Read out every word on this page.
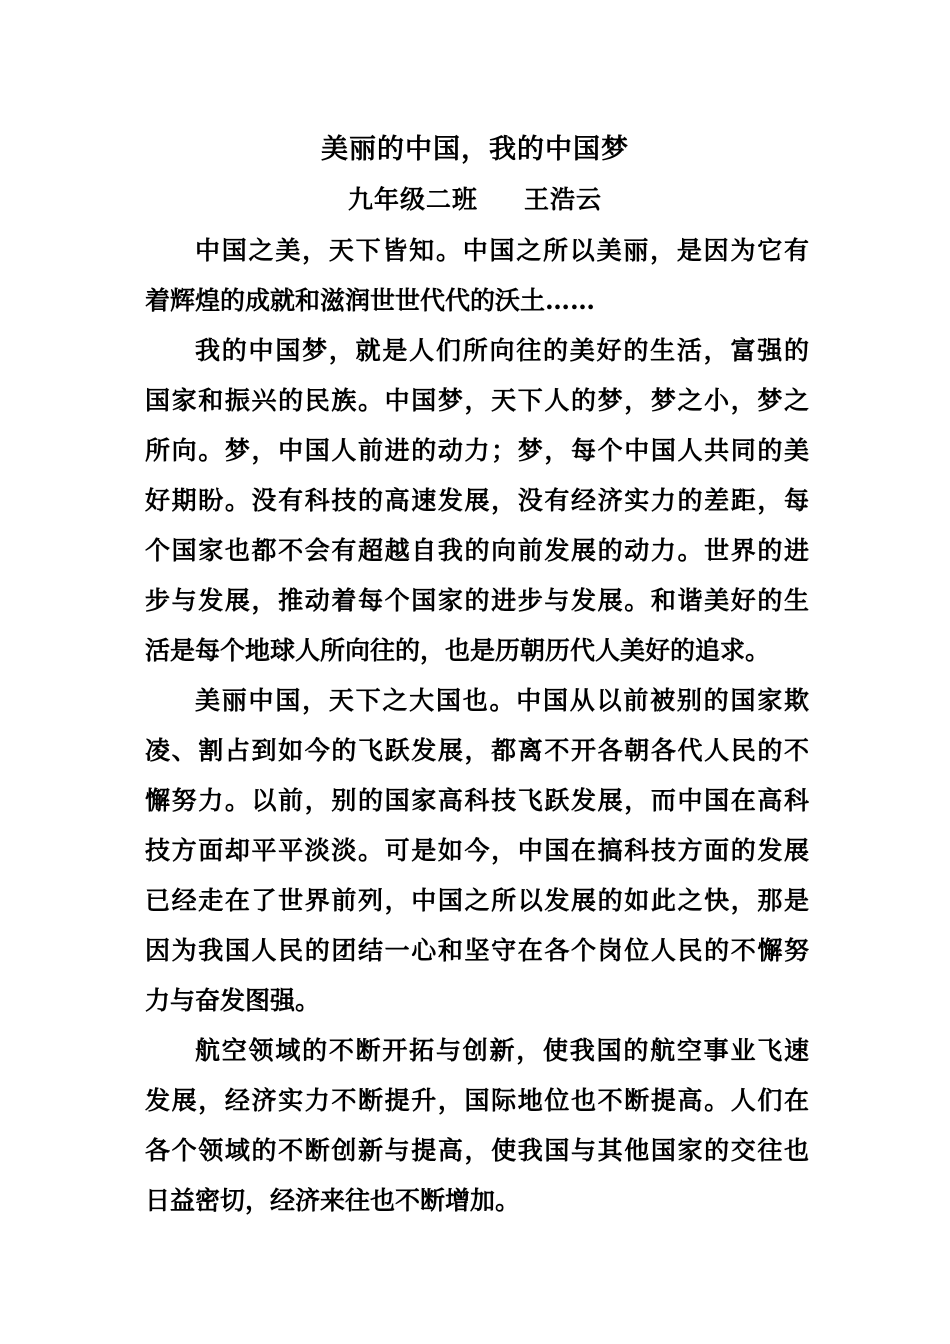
美丽的中国，我的中国梦
九年级二班 王浩云
中国之美，天下皆知。中国之所以美丽，是因为它有
着辉煌的成就和滋润世世代代的沃土……
我的中国梦，就是人们所向往的美好的生活，富强的
国家和振兴的民族。中国梦，天下人的梦，梦之小，梦之
所向。梦，中国人前进的动力；梦，每个中国人共同的美
好期盼。没有科技的高速发展，没有经济实力的差距，每
个国家也都不会有超越自我的向前发展的动力。世界的进
步与发展，推动着每个国家的进步与发展。和谐美好的生
活是每个地球人所向往的，也是历朝历代人美好的追求。
美丽中国，天下之大国也。中国从以前被别的国家欺
凌、割占到如今的飞跃发展，都离不开各朝各代人民的不
懈努力。以前，别的国家高科技飞跃发展，而中国在高科
技方面却平平淡淡。可是如今，中国在搞科技方面的发展
已经走在了世界前列，中国之所以发展的如此之快，那是
因为我国人民的团结一心和坚守在各个岗位人民的不懈努
力与奋发图强。
航空领域的不断开拓与创新，使我国的航空事业飞速
发展，经济实力不断提升，国际地位也不断提高。人们在
各个领域的不断创新与提高，使我国与其他国家的交往也
日益密切，经济来往也不断增加。
